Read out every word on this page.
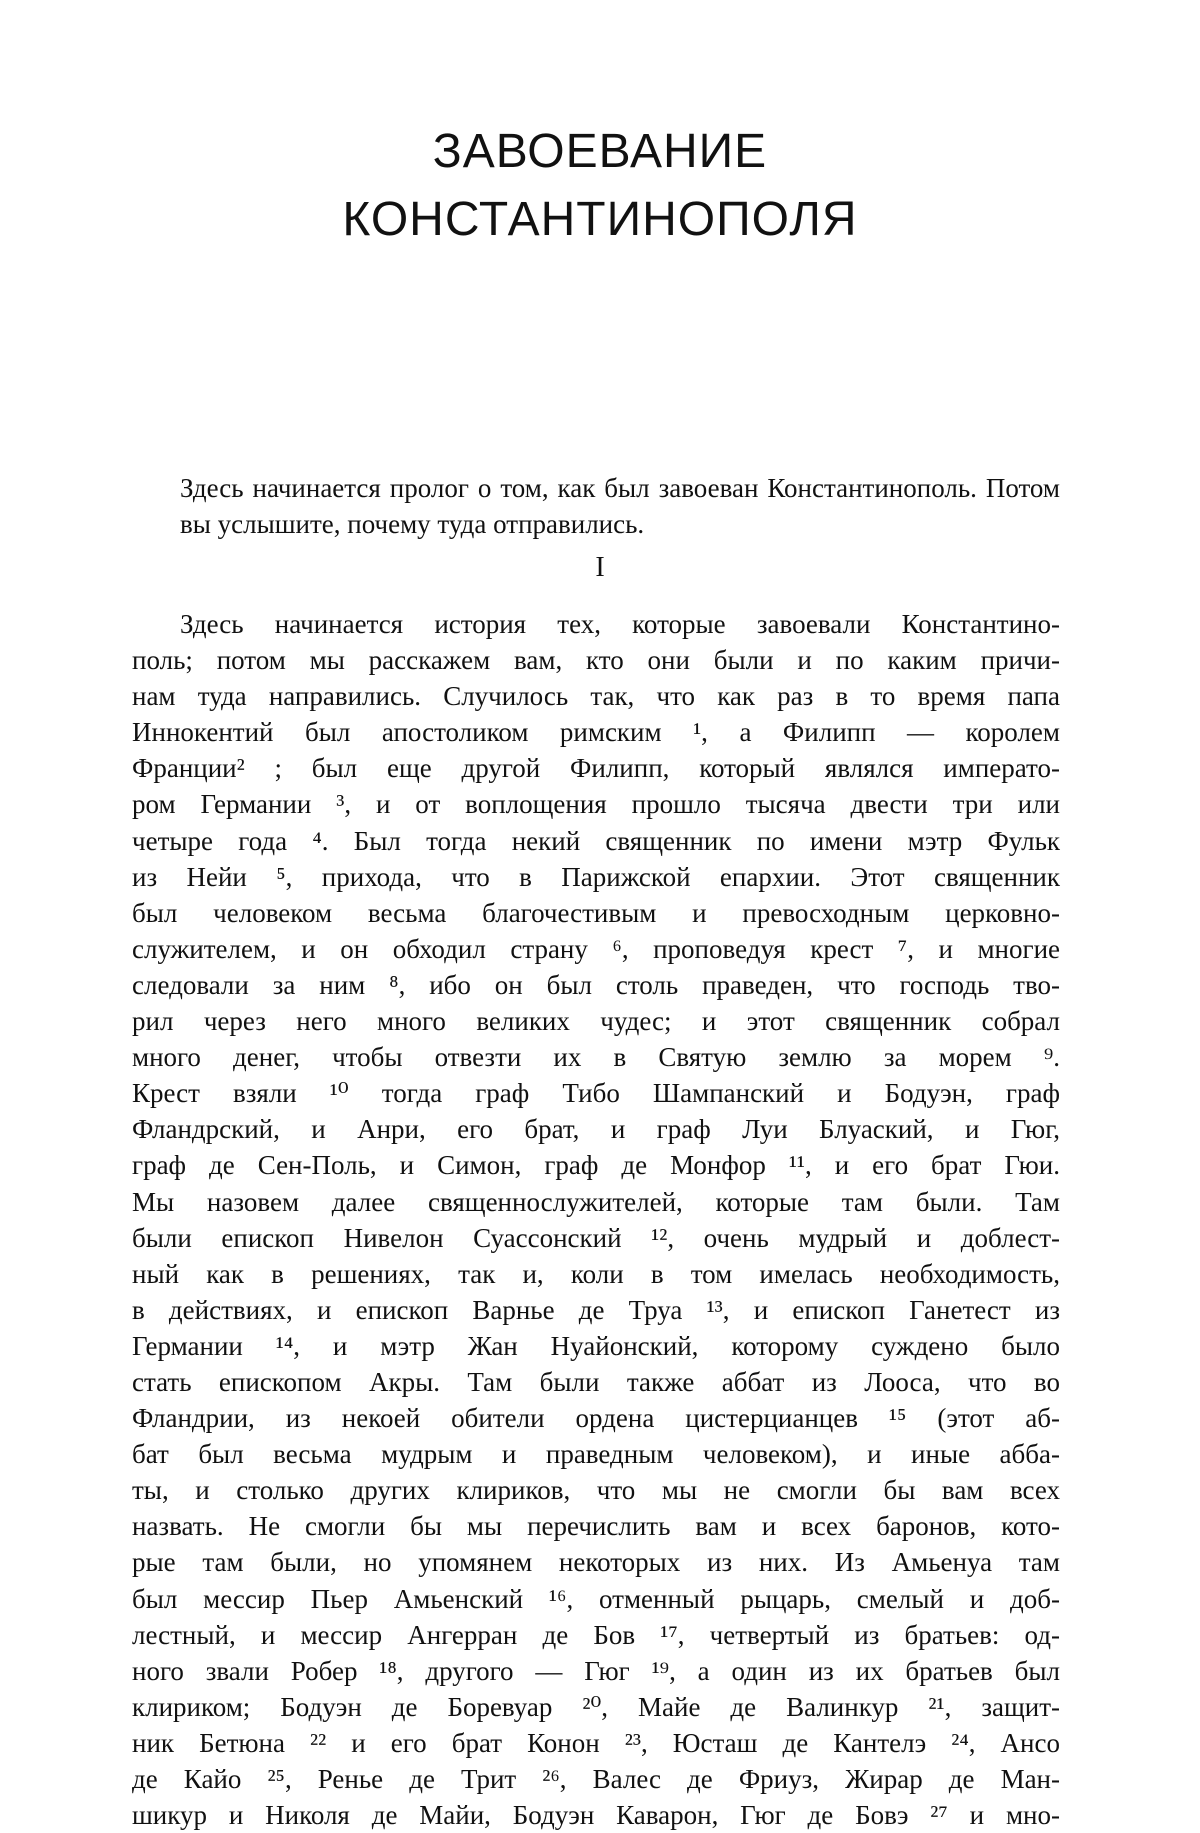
ЗАВОЕВАНИЕ
КОНСТАНТИНОПОЛЯ

Здесь начинается пролог о том, как был завоеван Константинополь. Потом вы услышите, почему туда отправились.

I
Здесь начинается история тех, которые завоевали Константино-
поль; потом мы расскажем вам, кто они были и по каким причи-
нам туда направились. Случилось так, что как раз в то время папа
Иннокентий был апостоликом римским ¹, а Филипп — королем
Франции² ; был еще другой Филипп, который являлся императо-
ром Германии ³, и от воплощения прошло тысяча двести три или
четыре года ⁴. Был тогда некий священник по имени мэтр Фульк
из Нейи ⁵, прихода, что в Парижской епархии. Этот священник
был человеком весьма благочестивым и превосходным церковно-
служителем, и он обходил страну ⁶, проповедуя крест ⁷, и многие
следовали за ним ⁸, ибо он был столь праведен, что господь тво-
рил через него много великих чудес; и этот священник собрал
много денег, чтобы отвезти их в Святую землю за морем ⁹.
Крест взяли ¹⁰ тогда граф Тибо Шампанский и Бодуэн, граф
Фландрский, и Анри, его брат, и граф Луи Блуаский, и Гюг,
граф де Сен-Поль, и Симон, граф де Монфор ¹¹, и его брат Гюи.
Мы назовем далее священнослужителей, которые там были. Там
были епископ Нивелон Суассонский ¹², очень мудрый и доблест-
ный как в решениях, так и, коли в том имелась необходимость,
в действиях, и епископ Варнье де Труа ¹³, и епископ Ганетест из
Германии ¹⁴, и мэтр Жан Нуайонский, которому суждено было
стать епископом Акры. Там были также аббат из Лооса, что во
Фландрии, из некоей обители ордена цистерцианцев ¹⁵ (этот аб-
бат был весьма мудрым и праведным человеком), и иные абба-
ты, и столько других клириков, что мы не смогли бы вам всех
назвать. Не смогли бы мы перечислить вам и всех баронов, кото-
рые там были, но упомянем некоторых из них. Из Амьенуа там
был мессир Пьер Амьенский ¹⁶, отменный рыцарь, смелый и доб-
лестный, и мессир Ангерран де Бов ¹⁷, четвертый из братьев: од-
ного звали Робер ¹⁸, другого — Гюг ¹⁹, а один из их братьев был
клириком; Бодуэн де Боревуар ²⁰, Майе де Валинкур ²¹, защит-
ник Бетюна ²² и его брат Конон ²³, Юсташ де Кантелэ ²⁴, Ансо
де Кайо ²⁵, Ренье де Трит ²⁶, Валес де Фриуз, Жирар де Ман-
шикур и Николя де Майи, Бодуэн Каварон, Гюг де Бовэ ²⁷ и мно-
